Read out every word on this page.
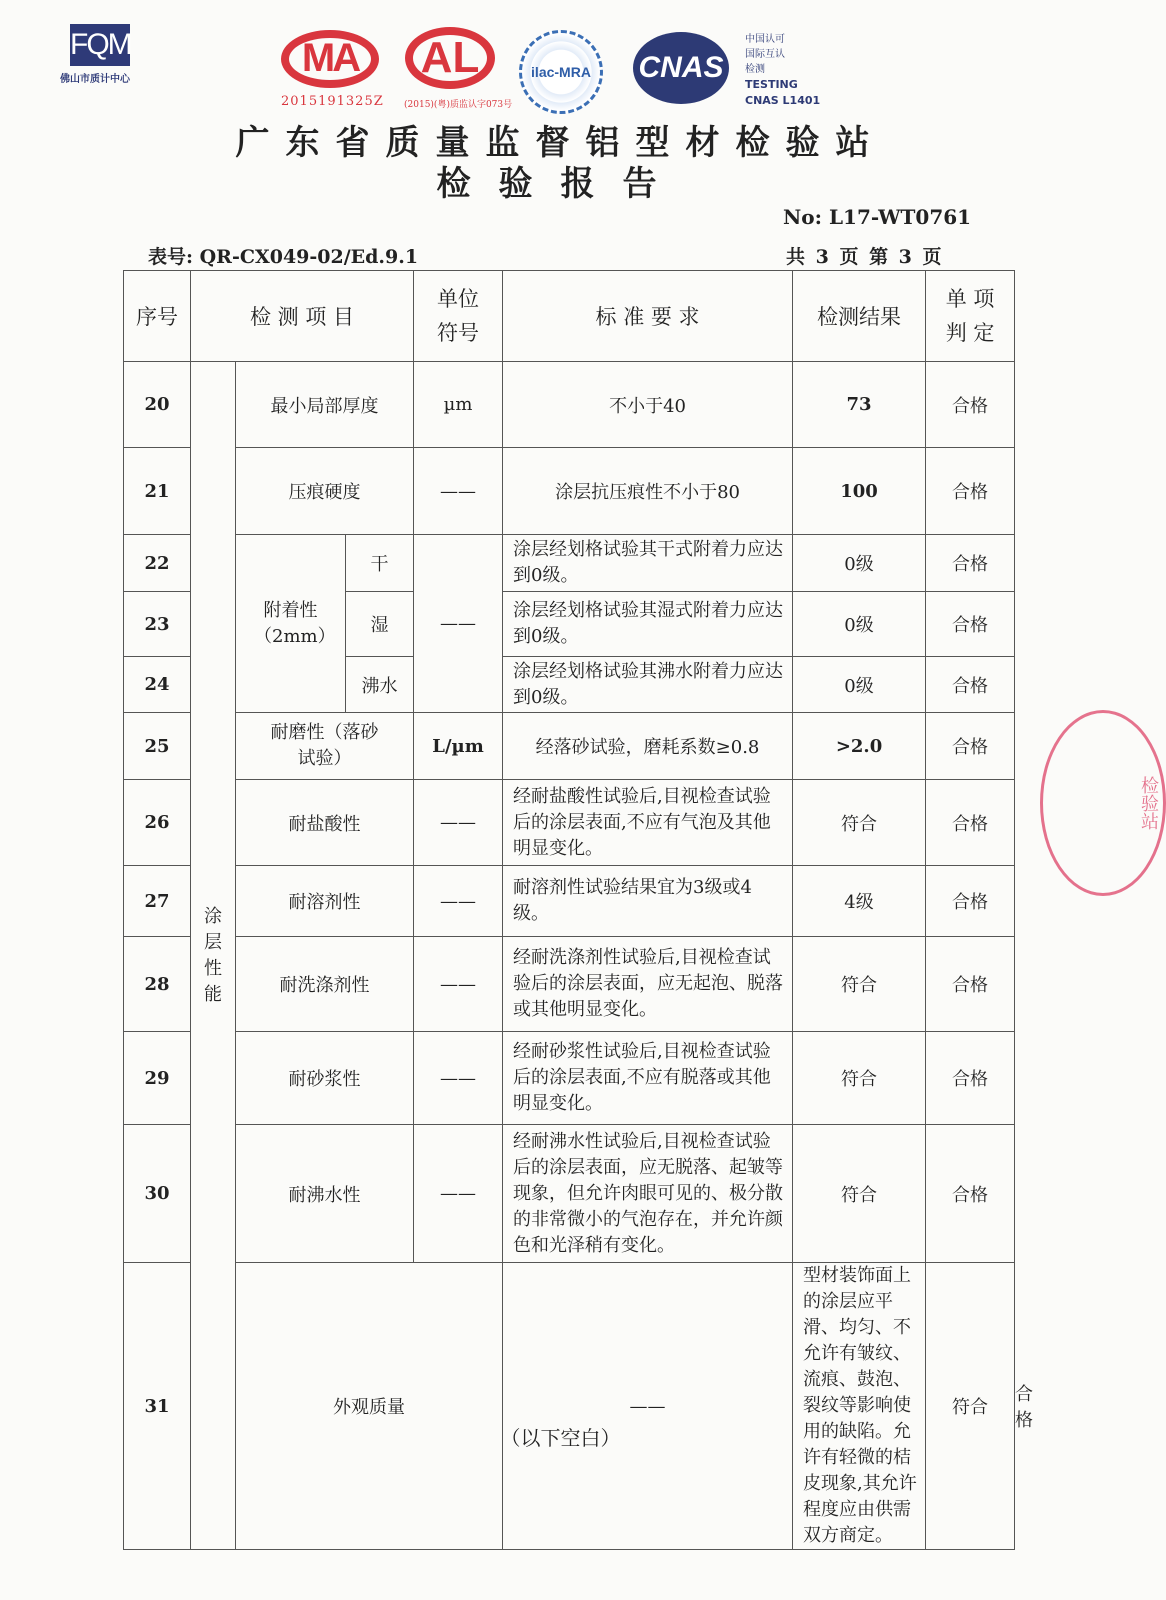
FQM
佛山市质计中心	MA
2015191325Z
AL
(2015)(粤)质监认字073号
ilac-MRA	CNAS
中国认可
国际互认
检测
TESTING
CNAS L1401
广东省质量监督铝型材检验站
检验报告
No: L17-WT0761
表号: QR-CX049-02/Ed.9.1	共 3 页 第 3 页
序号	检 测 项 目			单位符号	标 准 要 求	检测结果	单 项 判 定	
20	涂层性能	最小局部厚度		µm	不小于40	73	合格	
21		压痕硬度		——	涂层抗压痕性不小于80	100	合格	
22		附着性（2mm）	干	——	涂层经划格试验其干式附着力应达到0级。	0级	合格	
23			湿		涂层经划格试验其湿式附着力应达到0级。	0级	合格	
24			沸水		涂层经划格试验其沸水附着力应达到0级。	0级	合格	
25		耐磨性（落砂试验）		L/µm	经落砂试验，磨耗系数≥0.8	>2.0	合格	
26		耐盐酸性		——	经耐盐酸性试验后,目视检查试验后的涂层表面,不应有气泡及其他明显变化。	符合	合格	
27		耐溶剂性		——	耐溶剂性试验结果宜为3级或4级。	4级	合格	
28		耐洗涤剂性		——	经耐洗涤剂性试验后,目视检查试验后的涂层表面，应无起泡、脱落或其他明显变化。	符合	合格	
29		耐砂浆性		——	经耐砂浆性试验后,目视检查试验后的涂层表面,不应有脱落或其他明显变化。	符合	合格	
30		耐沸水性		——	经耐沸水性试验后,目视检查试验后的涂层表面，应无脱落、起皱等现象，但允许肉眼可见的、极分散的非常微小的气泡存在，并允许颜色和光泽稍有变化。	符合	合格	
31		外观质量			——	型材装饰面上的涂层应平滑、均匀、不允许有皱纹、流痕、鼓泡、裂纹等影响使用的缺陷。允许有轻微的桔皮现象,其允许程度应由供需双方商定。	符合	合格
（以下空白）
检验站
